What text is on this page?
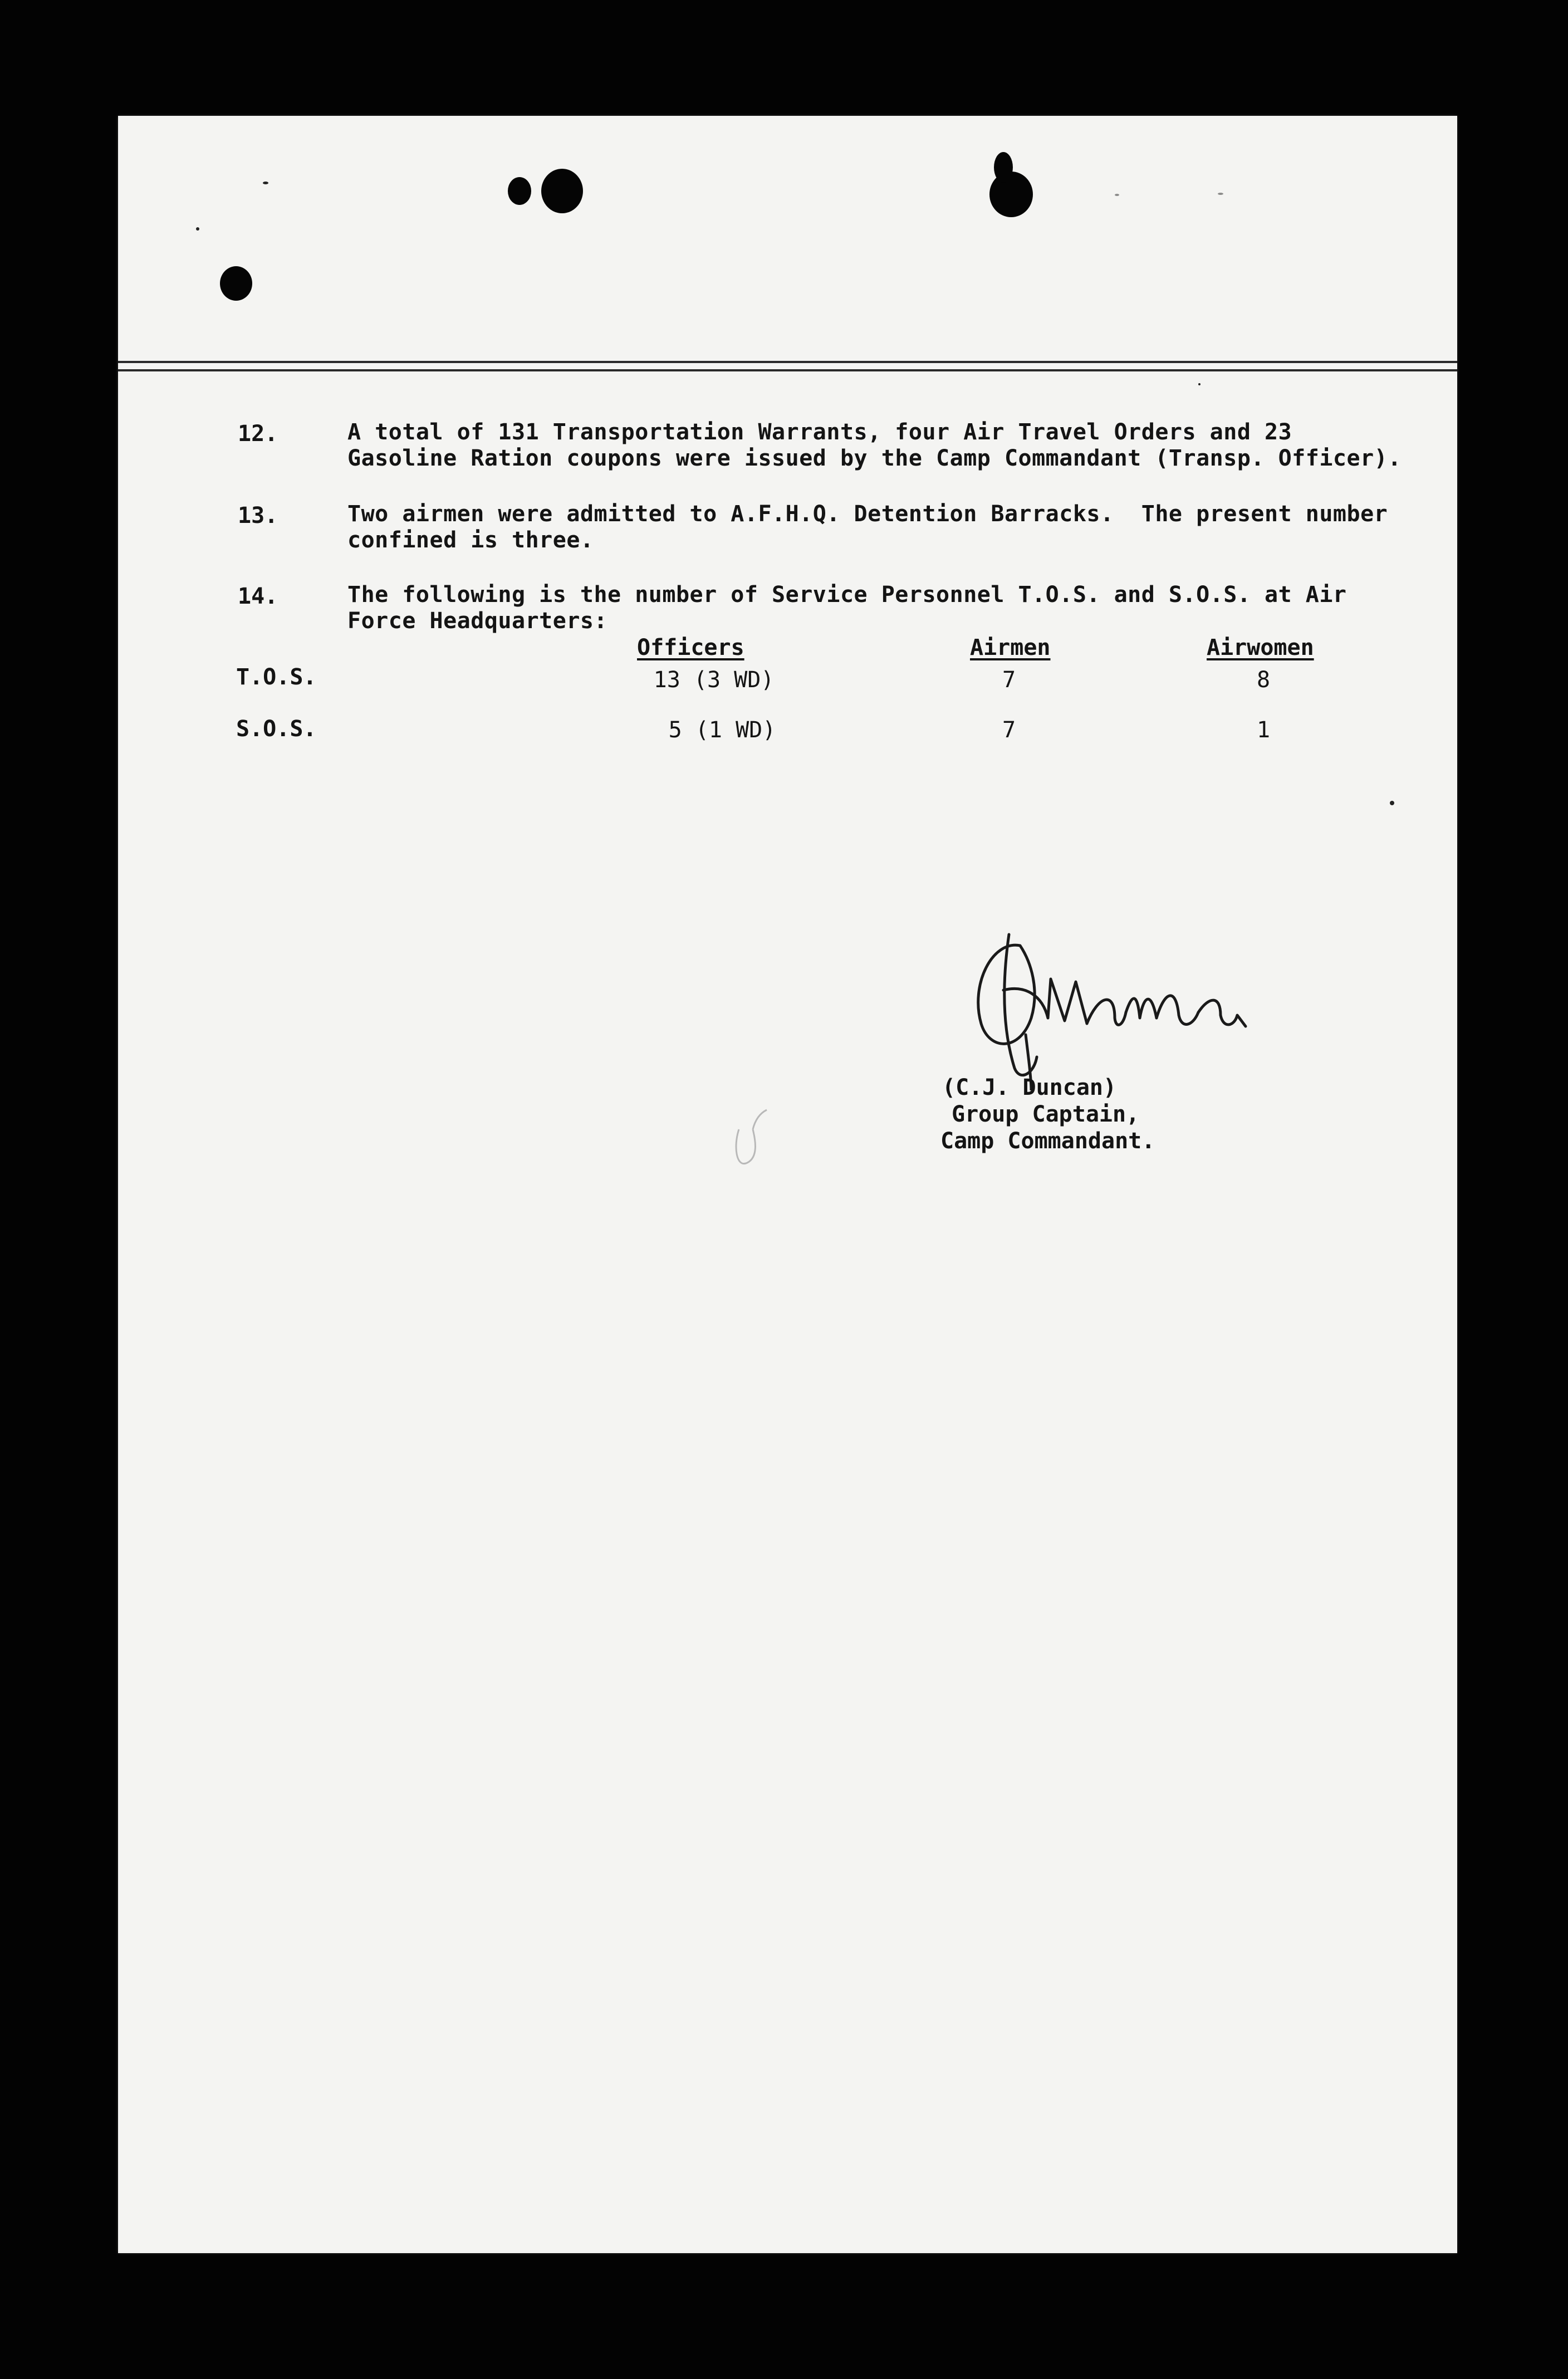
12.	A total of 131 Transportation Warrants, four Air Travel Orders and 23
Gasoline Ration coupons were issued by the Camp Commandant (Transp. Officer).
13.	Two airmen were admitted to A.F.H.Q. Detention Barracks.  The present number
confined is three.
14.	The following is the number of Service Personnel T.O.S. and S.O.S. at Air
Force Headquarters:
Officers	Airmen	Airwomen
T.O.S.	13 (3 WD)	7	8
S.O.S.	5 (1 WD)	7	1
(C.J. Duncan)
Group Captain,
Camp Commandant.
